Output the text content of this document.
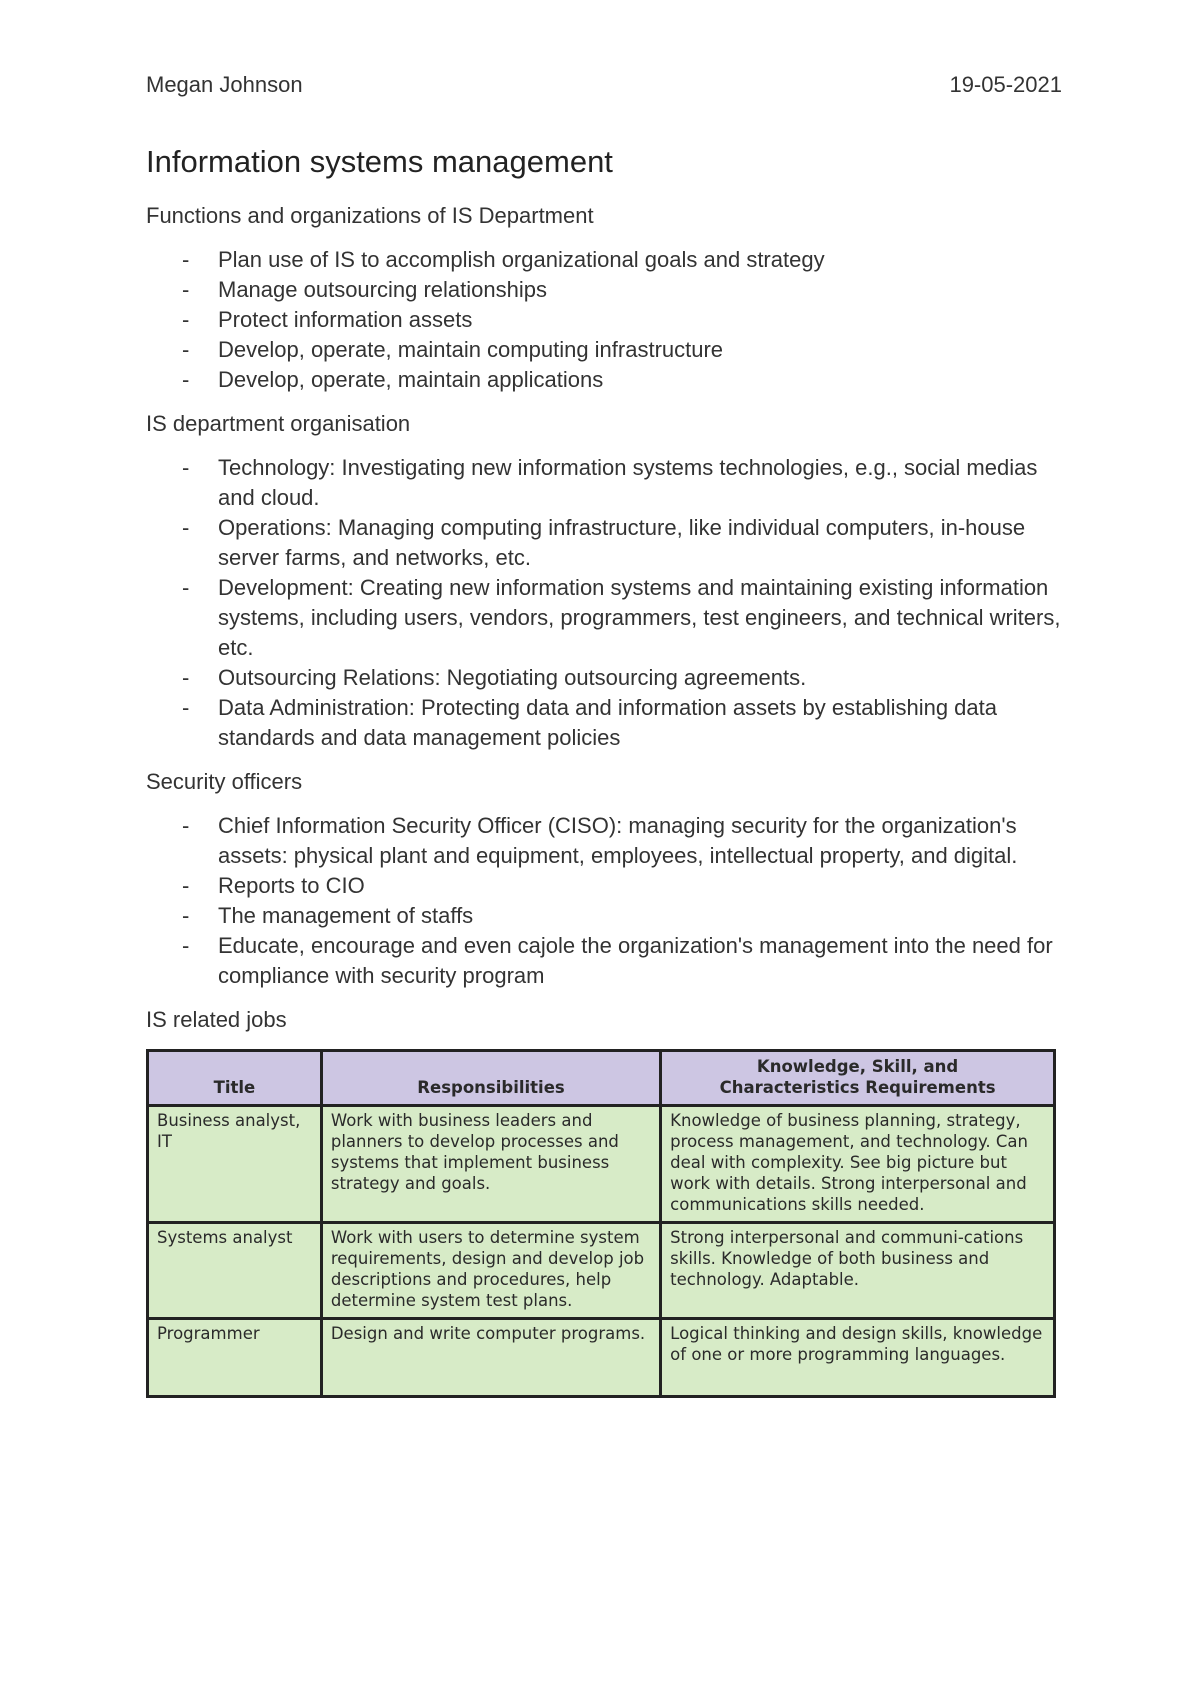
Megan Johnson	19-05-2021
Information systems management
Functions and organizations of IS Department
- Plan use of IS to accomplish organizational goals and strategy
- Manage outsourcing relationships
- Protect information assets
- Develop, operate, maintain computing infrastructure
- Develop, operate, maintain applications
IS department organisation
- Technology: Investigating new information systems technologies, e.g., social medias and cloud.
- Operations: Managing computing infrastructure, like individual computers, in-house server farms, and networks, etc.
- Development: Creating new information systems and maintaining existing information systems, including users, vendors, programmers, test engineers, and technical writers, etc.
- Outsourcing Relations: Negotiating outsourcing agreements.
- Data Administration: Protecting data and information assets by establishing data standards and data management policies
Security officers
- Chief Information Security Officer (CISO): managing security for the organization's assets: physical plant and equipment, employees, intellectual property, and digital.
- Reports to CIO
- The management of staffs
- Educate, encourage and even cajole the organization's management into the need for compliance with security program
IS related jobs
Title	Responsibilities	Knowledge, Skill, and
Characteristics Requirements

Business analyst, IT	Work with business leaders and planners to develop processes and systems that implement business strategy and goals.	Knowledge of business planning, strategy, process management, and technology. Can deal with complexity. See big picture but work with details. Strong interpersonal and communications skills needed.
Systems analyst	Work with users to determine system requirements, design and develop job descriptions and procedures, help determine system test plans.	Strong interpersonal and communi-cations skills. Knowledge of both business and technology. Adaptable.
Programmer	Design and write computer programs.	Logical thinking and design skills, knowledge of one or more programming languages.
